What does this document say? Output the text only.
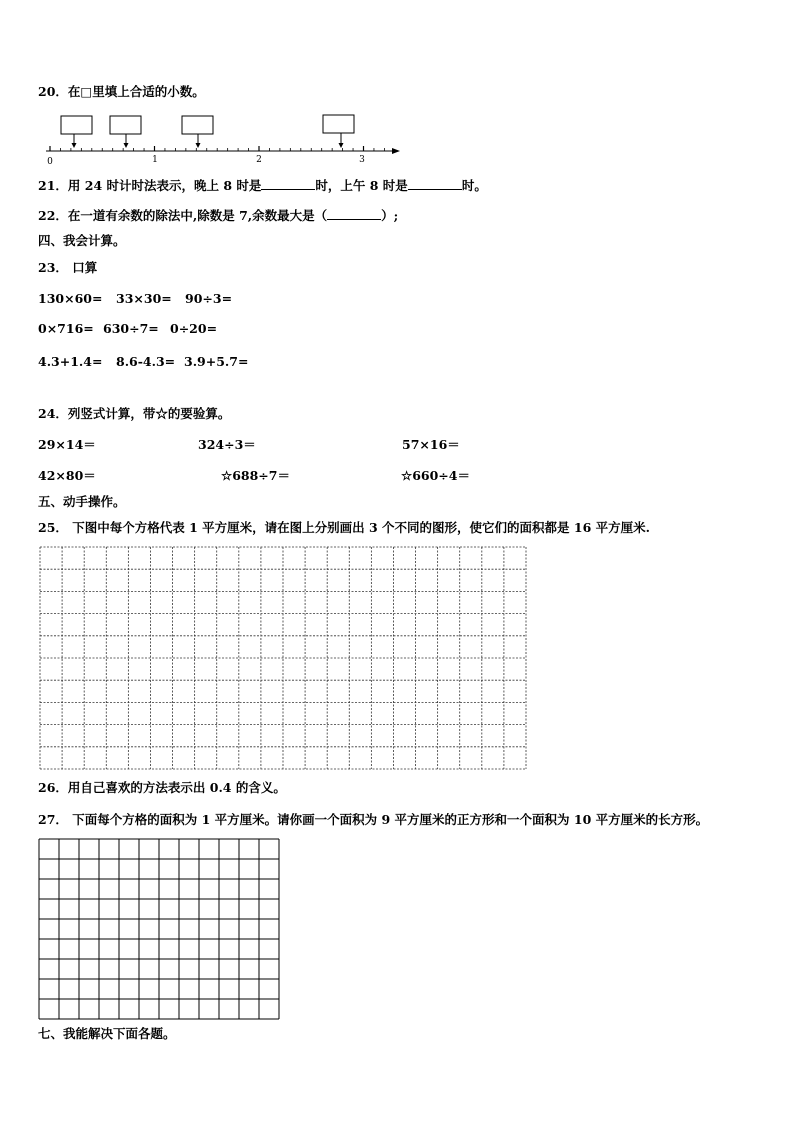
20．在□里填上合适的小数。
0	1	2	3
21．用 24 时计时法表示，晚上 8 时是	时，上午 8 时是	时。
22．在一道有余数的除法中,除数是 7,余数最大是（	）;
四、我会计算。
23． 口算
130×60= 33×30= 90÷3=
0×716= 630÷7= 0÷20=
4.3+1.4= 8.6-4.3= 3.9+5.7=
24．列竖式计算，带☆的要验算。
29×14＝	324÷3＝	57×16＝
42×80＝	☆688÷7＝	☆660÷4＝
五、动手操作。
25． 下图中每个方格代表 1 平方厘米，请在图上分别画出 3 个不同的图形，使它们的面积都是 16 平方厘米.
26．用自己喜欢的方法表示出 0.4 的含义。
27． 下面每个方格的面积为 1 平方厘米。请你画一个面积为 9 平方厘米的正方形和一个面积为 10 平方厘米的长方形。
七、我能解决下面各题。
